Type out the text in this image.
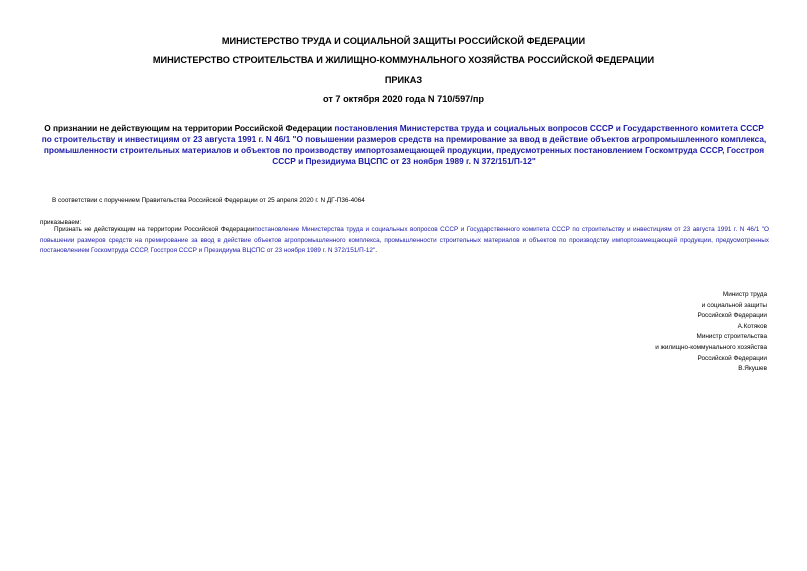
МИНИСТЕРСТВО ТРУДА И СОЦИАЛЬНОЙ ЗАЩИТЫ РОССИЙСКОЙ ФЕДЕРАЦИИ
МИНИСТЕРСТВО СТРОИТЕЛЬСТВА И ЖИЛИЩНО-КОММУНАЛЬНОГО ХОЗЯЙСТВА РОССИЙСКОЙ ФЕДЕРАЦИИ
ПРИКАЗ
от 7 октября 2020 года N 710/597/пр
О признании не действующим на территории Российской Федерации постановления Министерства труда и социальных вопросов СССР и Государственного комитета СССР по строительству и инвестициям от 23 августа 1991 г. N 46/1 "О повышении размеров средств на премирование за ввод в действие объектов агропромышленного комплекса, промышленности строительных материалов и объектов по производству импортозамещающей продукции, предусмотренных постановлением Госкомтруда СССР, Госстроя СССР и Президиума ВЦСПС от 23 ноября 1989 г. N 372/151/П-12"
В соответствии с поручением Правительства Российской Федерации от 25 апреля 2020 г. N ДГ-П36-4064
приказываем:
Признать не действующим на территории Российской Федерациипостановление Министерства труда и социальных вопросов СССР и Государственного комитета СССР по строительству и инвестициям от 23 августа 1991 г. N 46/1 "О повышении размеров средств на премирование за ввод в действие объектов агропромышленного комплекса, промышленности строительных материалов и объектов по производству импортозамещающей продукции, предусмотренных постановлением Госкомтруда СССР, Госстроя СССР и Президиума ВЦСПС от 23 ноября 1989 г. N 372/151/П-12".
Министр труда
и социальной защиты
Российской Федерации
А.Котяков
Министр строительства
и жилищно-коммунального хозяйства
Российской Федерации
В.Якушев
